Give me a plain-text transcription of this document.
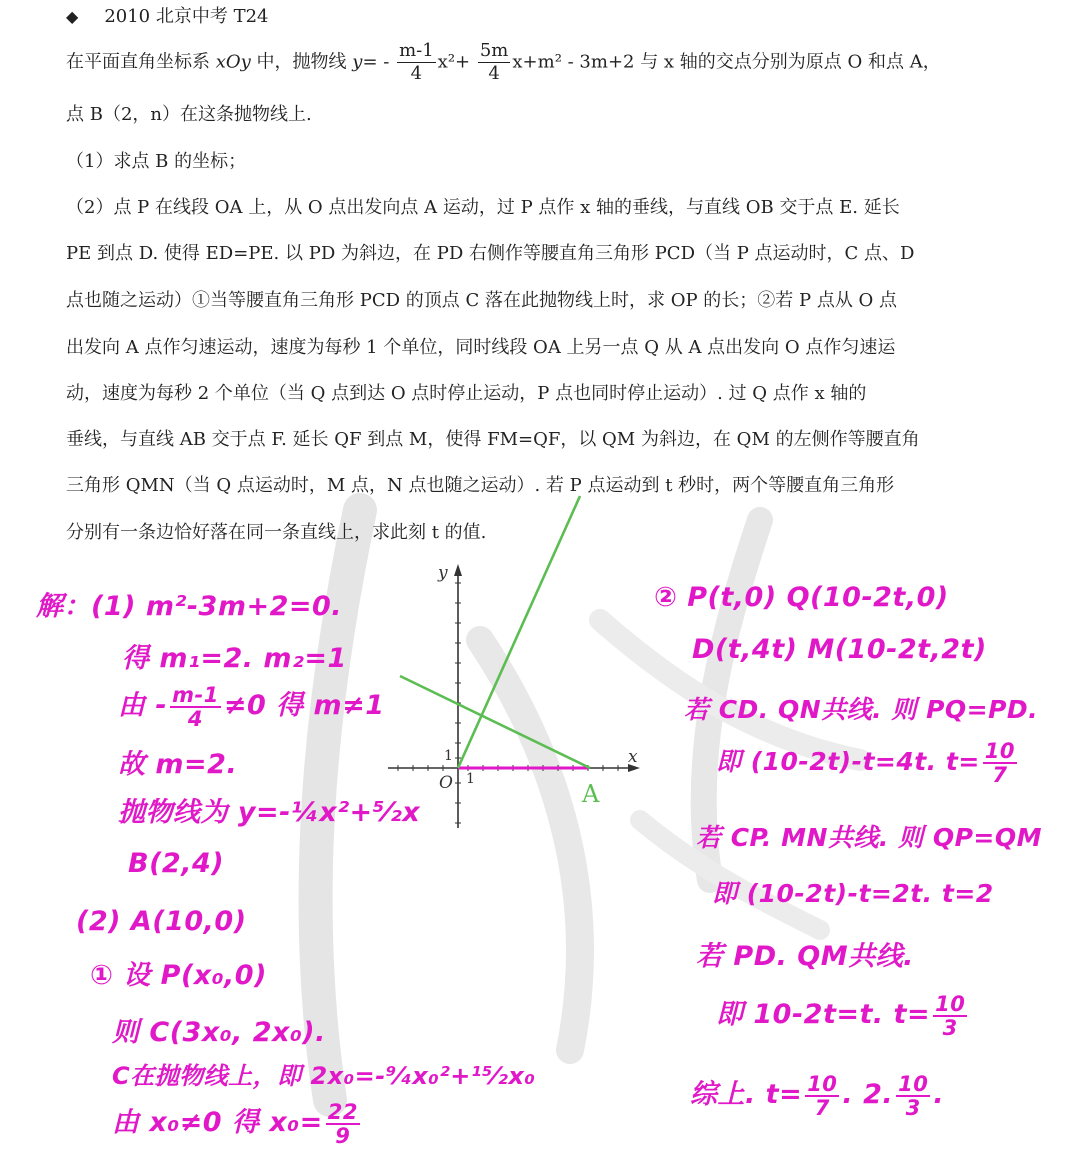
◆ 2010 北京中考 T24
在平面直角坐标系 xOy 中，抛物线 $y= - \frac{m-1}{4} x^2+ \frac{5m}{4} x+m^2 - 3m+2$ 与 x 轴的交点分别为原点 O 和点 A，
点 B（2，n）在这条抛物线上.
（1）求点 B 的坐标；
（2）点 P 在线段 OA 上，从 O 点出发向点 A 运动，过 P 点作 x 轴的垂线，与直线 OB 交于点 E. 延长
PE 到点 D. 使得 ED=PE. 以 PD 为斜边，在 PD 右侧作等腰直角三角形 PCD（当 P 点运动时，C 点、D
点也随之运动）①当等腰直角三角形 PCD 的顶点 C 落在此抛物线上时，求 OP 的长；②若 P 点从 O 点
出发向 A 点作匀速运动，速度为每秒 1 个单位，同时线段 OA 上另一点 Q 从 A 点出发向 O 点作匀速运
动，速度为每秒 2 个单位（当 Q 点到达 O 点时停止运动，P 点也同时停止运动）. 过 Q 点作 x 轴的
垂线，与直线 AB 交于点 F. 延长 QF 到点 M，使得 FM=QF，以 QM 为斜边，在 QM 的左侧作等腰直角
三角形 QMN（当 Q 点运动时，M 点，N 点也随之运动）. 若 P 点运动到 t 秒时，两个等腰直角三角形
分别有一条边恰好落在同一条直线上，求此刻 t 的值.
y
x
O 1
1
A
解：(1) m²-3m+2=0.
得 m₁=2. m₂=1
由 - $\frac{m-1}{4} \ne 0$ 得 m≠1
故 m=2.
抛物线为 y=-¼x²+⁵⁄₂x
B(2,4)
(2) A(10,0)
① 设 P(x₀,0)
则 C(3x₀, 2x₀).
C在抛物线上，即 2x₀=-⁹⁄₄x₀²+¹⁵⁄₂x₀
由 x₀≠0 得 $x_0= \frac{22}{9}$
② P(t,0) Q(10-2t,0)
D(t,4t) M(10-2t,2t)
若 CD. QN共线. 则 PQ=PD.
即 (10-2t)-t=4t. $t= \frac{10}{7}$
若 CP. MN共线. 则 QP=QM
即 (10-2t)-t=2t. t=2
若 PD. QM共线.
即 10-2t=t. $t= \frac{10}{3}$
综上. $t= \frac{10}{7}$ . 2. $\frac{10}{3}$ .
